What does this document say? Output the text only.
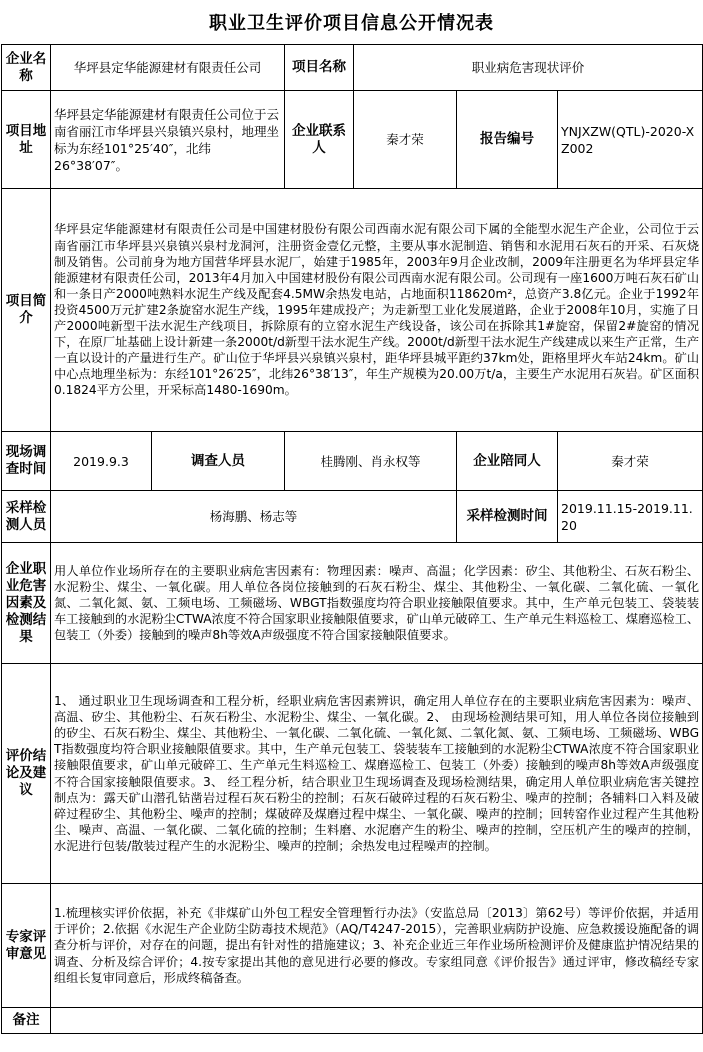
职业卫生评价项目信息公开情况表
企业名称	华坪县定华能源建材有限责任公司		项目名称	职业病危害现状评价		
项目地址	华坪县定华能源建材有限责任公司位于云南省丽江市华坪县兴泉镇兴泉村，地理坐标为东经101°25′40″，北纬26°38′07″。		企业联系人	秦才荣	报告编号	YNJXZW(QTL)-2020-XZ002
项目简介	华坪县定华能源建材有限责任公司是中国建材股份有限公司西南水泥有限公司下属的全能型水泥生产企业，公司位于云南省丽江市华坪县兴泉镇兴泉村龙洞河，注册资金壹亿元整，主要从事水泥制造、销售和水泥用石灰石的开采、石灰烧制及销售。公司前身为地方国营华坪县水泥厂，始建于1985年，2003年9月企业改制，2009年注册更名为华坪县定华能源建材有限责任公司，2013年4月加入中国建材股份有限公司西南水泥有限公司。公司现有一座1600万吨石灰石矿山和一条日产2000吨熟料水泥生产线及配套4.5MW余热发电站，占地面积118620m²，总资产3.8亿元。企业于1992年投资4500万元扩建2条旋窑水泥生产线，1995年建成投产；为走新型工业化发展道路，企业于2008年10月，实施了日产2000吨新型干法水泥生产线项目，拆除原有的立窑水泥生产线设备，该公司在拆除其1#旋窑，保留2#旋窑的情况下，在原厂址基础上设计新建一条2000t/d新型干法水泥生产线。2000t/d新型干法水泥生产线建成以来生产正常，生产一直以设计的产量进行生产。矿山位于华坪县兴泉镇兴泉村，距华坪县城平距约37km处，距格里坪火车站24km。矿山中心点地理坐标为：东经101°26′25″，北纬26°38′13″，年生产规模为20.00万t/a，主要生产水泥用石灰岩。矿区面积0.1824平方公里，开采标高1480-1690m。					
现场调查时间	2019.9.3	调查人员	桂腾刚、肖永权等		企业陪同人	秦才荣
采样检测人员	杨海鹏、杨志等				采样检测时间	2019.11.15-2019.11.20
企业职业危害因素及检测结果	用人单位作业场所存在的主要职业病危害因素有：物理因素：噪声、高温；化学因素：矽尘、其他粉尘、石灰石粉尘、水泥粉尘、煤尘、一氧化碳。用人单位各岗位接触到的石灰石粉尘、煤尘、其他粉尘、一氧化碳、二氧化硫、一氧化氮、二氧化氮、氨、工频电场、工频磁场、WBGT指数强度均符合职业接触限值要求。其中，生产单元包装工、袋装装车工接触到的水泥粉尘CTWA浓度不符合国家职业接触限值要求，矿山单元破碎工、生产单元生料巡检工、煤磨巡检工、包装工（外委）接触到的噪声8h等效A声级强度不符合国家接触限值要求。					
评价结论及建议	1、 通过职业卫生现场调查和工程分析，经职业病危害因素辨识，确定用人单位存在的主要职业病危害因素为：噪声、高温、矽尘、其他粉尘、石灰石粉尘、水泥粉尘、煤尘、一氧化碳。2、 由现场检测结果可知，用人单位各岗位接触到的矽尘、石灰石粉尘、煤尘、其他粉尘、一氧化碳、二氧化硫、一氧化氮、二氧化氮、氨、工频电场、工频磁场、WBGT指数强度均符合职业接触限值要求。其中，生产单元包装工、袋装装车工接触到的水泥粉尘CTWA浓度不符合国家职业接触限值要求，矿山单元破碎工、生产单元生料巡检工、煤磨巡检工、包装工（外委）接触到的噪声8h等效A声级强度不符合国家接触限值要求。3、 经工程分析，结合职业卫生现场调查及现场检测结果，确定用人单位职业病危害关键控制点为：露天矿山潜孔钻凿岩过程石灰石粉尘的控制；石灰石破碎过程的石灰石粉尘、噪声的控制；各辅料口入料及破碎过程矽尘、其他粉尘、噪声的控制；煤破碎及煤磨过程中煤尘、一氧化碳、噪声的控制；回转窑作业过程产生其他粉尘、噪声、高温、一氧化碳、二氧化硫的控制；生料磨、水泥磨产生的粉尘、噪声的控制，空压机产生的噪声的控制，水泥进行包装/散装过程产生的水泥粉尘、噪声的控制；余热发电过程噪声的控制。					
专家评审意见	1.梳理核实评价依据，补充《非煤矿山外包工程安全管理暂行办法》（安监总局〔2013〕第62号）等评价依据，并适用于评价；2.依据《水泥生产企业防尘防毒技术规范》（AQ/T4247-2015），完善职业病防护设施、应急救援设施配备的调查分析与评价，对存在的问题，提出有针对性的措施建议；3、补充企业近三年作业场所检测评价及健康监护情况结果的调查、分析及综合评价；4.按专家提出其他的意见进行必要的修改。专家组同意《评价报告》通过评审，修改稿经专家组组长复审同意后，形成终稿备查。					
备注						
